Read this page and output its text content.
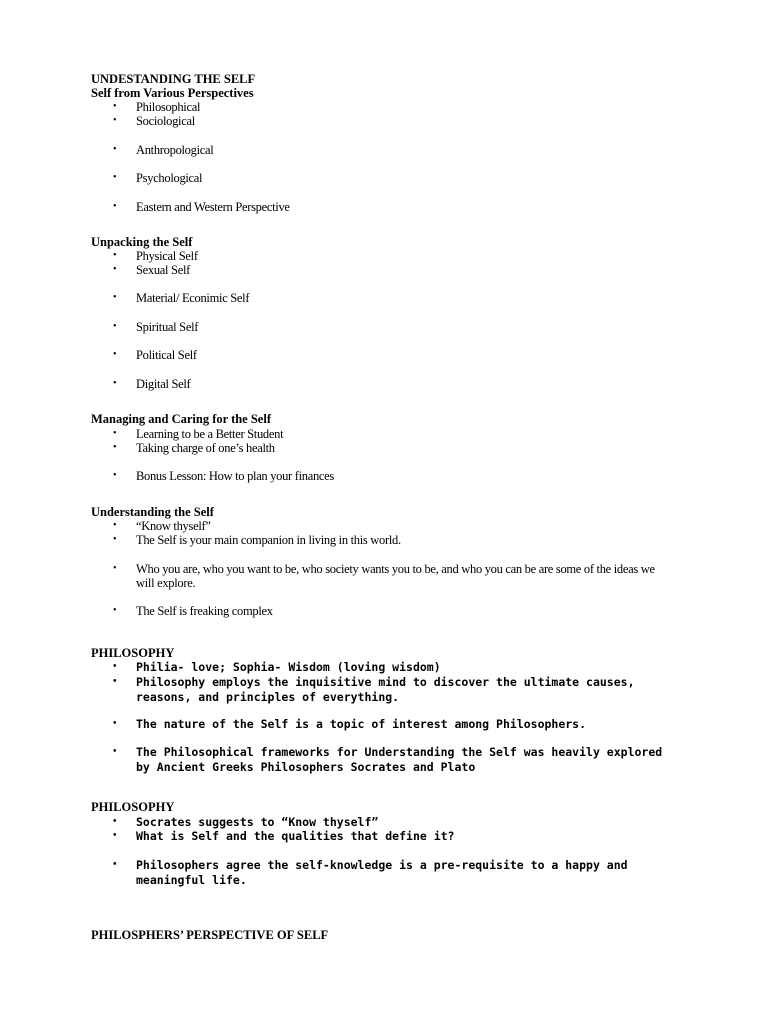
UNDESTANDING THE SELF
Self from Various Perspectives
•	Philosophical
•	Sociological
•	Anthropological
•	Psychological
•	Eastern and Western Perspective
Unpacking the Self
•	Physical Self
•	Sexual Self
•	Material/ Econimic Self
•	Spiritual Self
•	Political Self
•	Digital Self
Managing and Caring for the Self
•	Learning to be a Better Student
•	Taking charge of one’s health
•	Bonus Lesson: How to plan your finances
Understanding the Self
•	“Know thyself”
•	The Self is your main companion in living in this world.
•	Who you are, who you want to be, who society wants you to be, and who you can be are some of the ideas we will explore.
•	The Self is freaking complex
PHILOSOPHY
•	Philia- love; Sophia- Wisdom (loving wisdom)
•	Philosophy employs the inquisitive mind to discover the ultimate causes, reasons, and principles of everything.
•	The nature of the Self is a topic of interest among Philosophers.
•	The Philosophical frameworks for Understanding the Self was heavily explored by Ancient Greeks Philosophers Socrates and Plato
PHILOSOPHY
•	Socrates suggests to “Know thyself”
•	What is Self and the qualities that define it?
•	Philosophers agree the self-knowledge is a pre-requisite to a happy and meaningful life.
PHILOSPHERS’ PERSPECTIVE OF SELF
